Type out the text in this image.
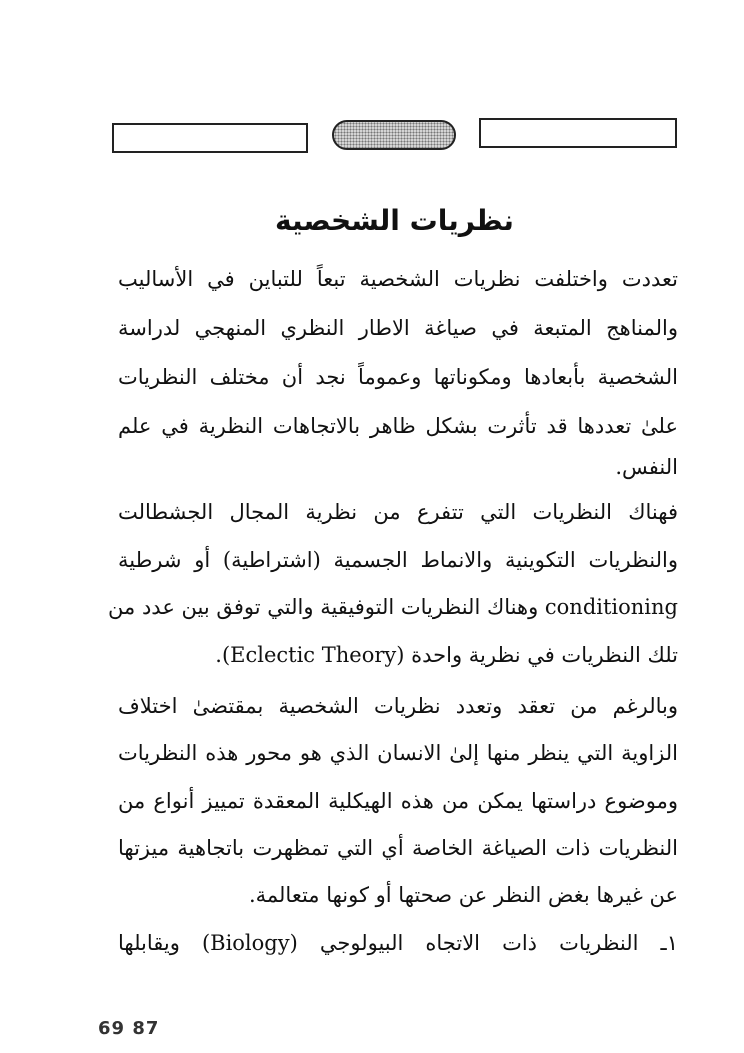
نظريات الشخصية
تعددت واختلفت نظريات الشخصية تبعاً للتباين في الأساليب
والمناهج المتبعة في صياغة الاطار النظري المنهجي لدراسة
الشخصية بأبعادها ومكوناتها وعموماً نجد أن مختلف النظريات
علىٰ تعددها قد تأثرت بشكل ظاهر بالاتجاهات النظرية في علم
النفس.
فهناك النظريات التي تتفرع من نظرية المجال الجشطالت
والنظريات التكوينية والانماط الجسمية (اشتراطية) أو شرطية
conditioning وهناك النظريات التوفيقية والتي توفق بين عدد من
تلك النظريات في نظرية واحدة (Eclectic Theory).
وبالرغم من تعقد وتعدد نظريات الشخصية بمقتضىٰ اختلاف
الزاوية التي ينظر منها إلىٰ الانسان الذي هو محور هذه النظريات
وموضوع دراستها يمكن من هذه الهيكلية المعقدة تمييز أنواع من
النظريات ذات الصياغة الخاصة أي التي تمظهرت باتجاهية ميزتها
عن غيرها بغض النظر عن صحتها أو كونها متعالمة.
١ـ النظريات ذات الاتجاه البيولوجي (Biology) ويقابلها
69 87
